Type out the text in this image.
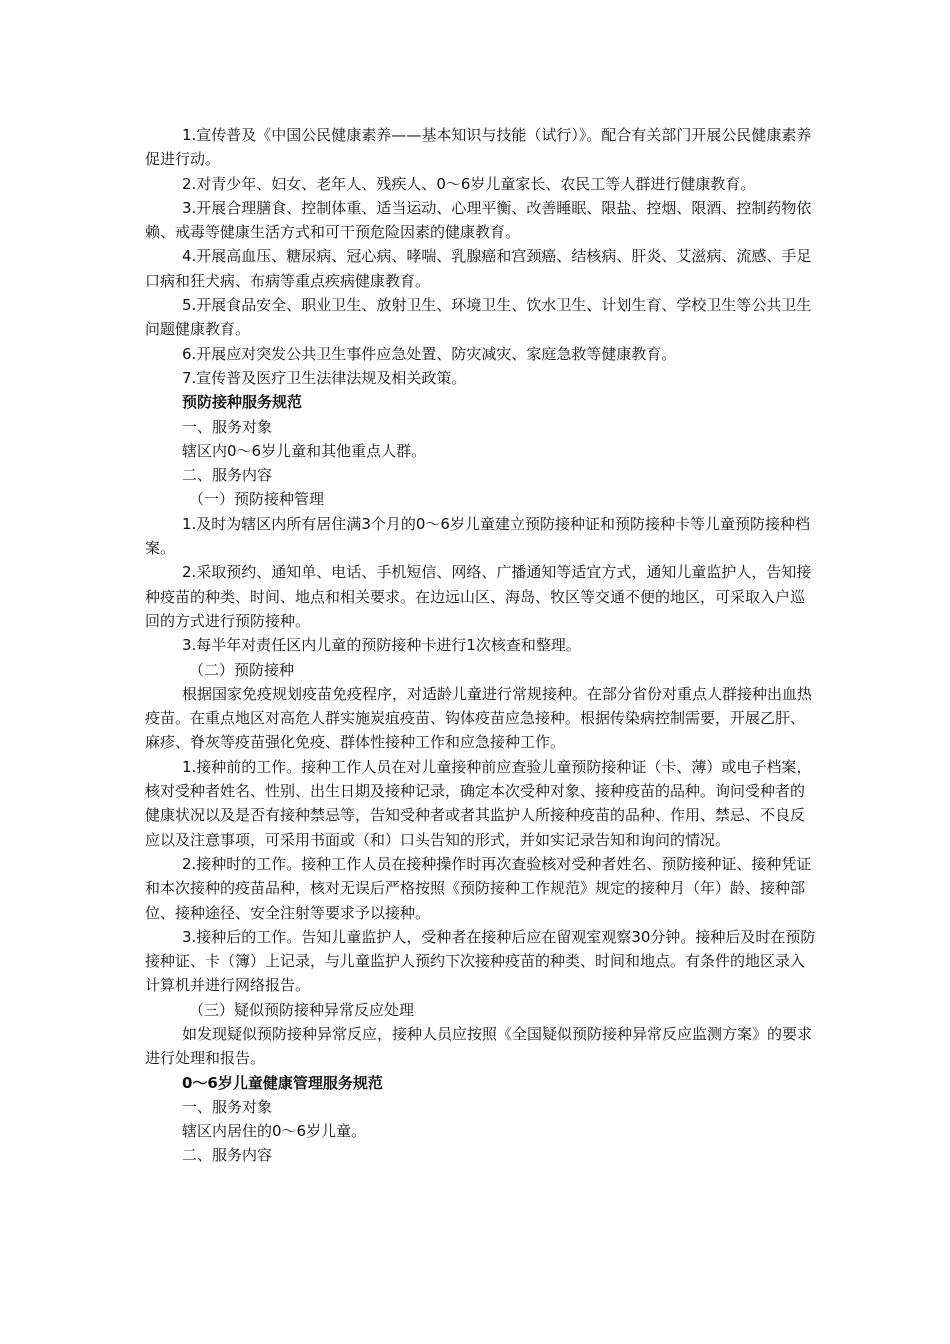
1.宣传普及《中国公民健康素养——基本知识与技能（试行）》。配合有关部门开展公民健康素养促进行动。

2.对青少年、妇女、老年人、残疾人、0～6岁儿童家长、农民工等人群进行健康教育。

3.开展合理膳食、控制体重、适当运动、心理平衡、改善睡眠、限盐、控烟、限酒、控制药物依赖、戒毒等健康生活方式和可干预危险因素的健康教育。

4.开展高血压、糖尿病、冠心病、哮喘、乳腺癌和宫颈癌、结核病、肝炎、艾滋病、流感、手足口病和狂犬病、布病等重点疾病健康教育。

5.开展食品安全、职业卫生、放射卫生、环境卫生、饮水卫生、计划生育、学校卫生等公共卫生问题健康教育。

6.开展应对突发公共卫生事件应急处置、防灾减灾、家庭急救等健康教育。

7.宣传普及医疗卫生法律法规及相关政策。

预防接种服务规范

一、服务对象

辖区内0～6岁儿童和其他重点人群。

二、服务内容

（一）预防接种管理

1.及时为辖区内所有居住满3个月的0～6岁儿童建立预防接种证和预防接种卡等儿童预防接种档案。

2.采取预约、通知单、电话、手机短信、网络、广播通知等适宜方式，通知儿童监护人，告知接种疫苗的种类、时间、地点和相关要求。在边远山区、海岛、牧区等交通不便的地区，可采取入户巡回的方式进行预防接种。

3.每半年对责任区内儿童的预防接种卡进行1次核查和整理。

（二）预防接种

根据国家免疫规划疫苗免疫程序，对适龄儿童进行常规接种。在部分省份对重点人群接种出血热疫苗。在重点地区对高危人群实施炭疽疫苗、钩体疫苗应急接种。根据传染病控制需要，开展乙肝、麻疹、脊灰等疫苗强化免疫、群体性接种工作和应急接种工作。

1.接种前的工作。接种工作人员在对儿童接种前应查验儿童预防接种证（卡、薄）或电子档案，核对受种者姓名、性别、出生日期及接种记录，确定本次受种对象、接种疫苗的品种。询问受种者的健康状况以及是否有接种禁忌等，告知受种者或者其监护人所接种疫苗的品种、作用、禁忌、不良反应以及注意事项，可采用书面或（和）口头告知的形式，并如实记录告知和询问的情况。

2.接种时的工作。接种工作人员在接种操作时再次查验核对受种者姓名、预防接种证、接种凭证和本次接种的疫苗品种，核对无误后严格按照《预防接种工作规范》规定的接种月（年）龄、接种部位、接种途径、安全注射等要求予以接种。

3.接种后的工作。告知儿童监护人，受种者在接种后应在留观室观察30分钟。接种后及时在预防接种证、卡（簿）上记录，与儿童监护人预约下次接种疫苗的种类、时间和地点。有条件的地区录入计算机并进行网络报告。

（三）疑似预防接种异常反应处理

如发现疑似预防接种异常反应，接种人员应按照《全国疑似预防接种异常反应监测方案》的要求进行处理和报告。

0～6岁儿童健康管理服务规范

一、服务对象

辖区内居住的0～6岁儿童。

二、服务内容
